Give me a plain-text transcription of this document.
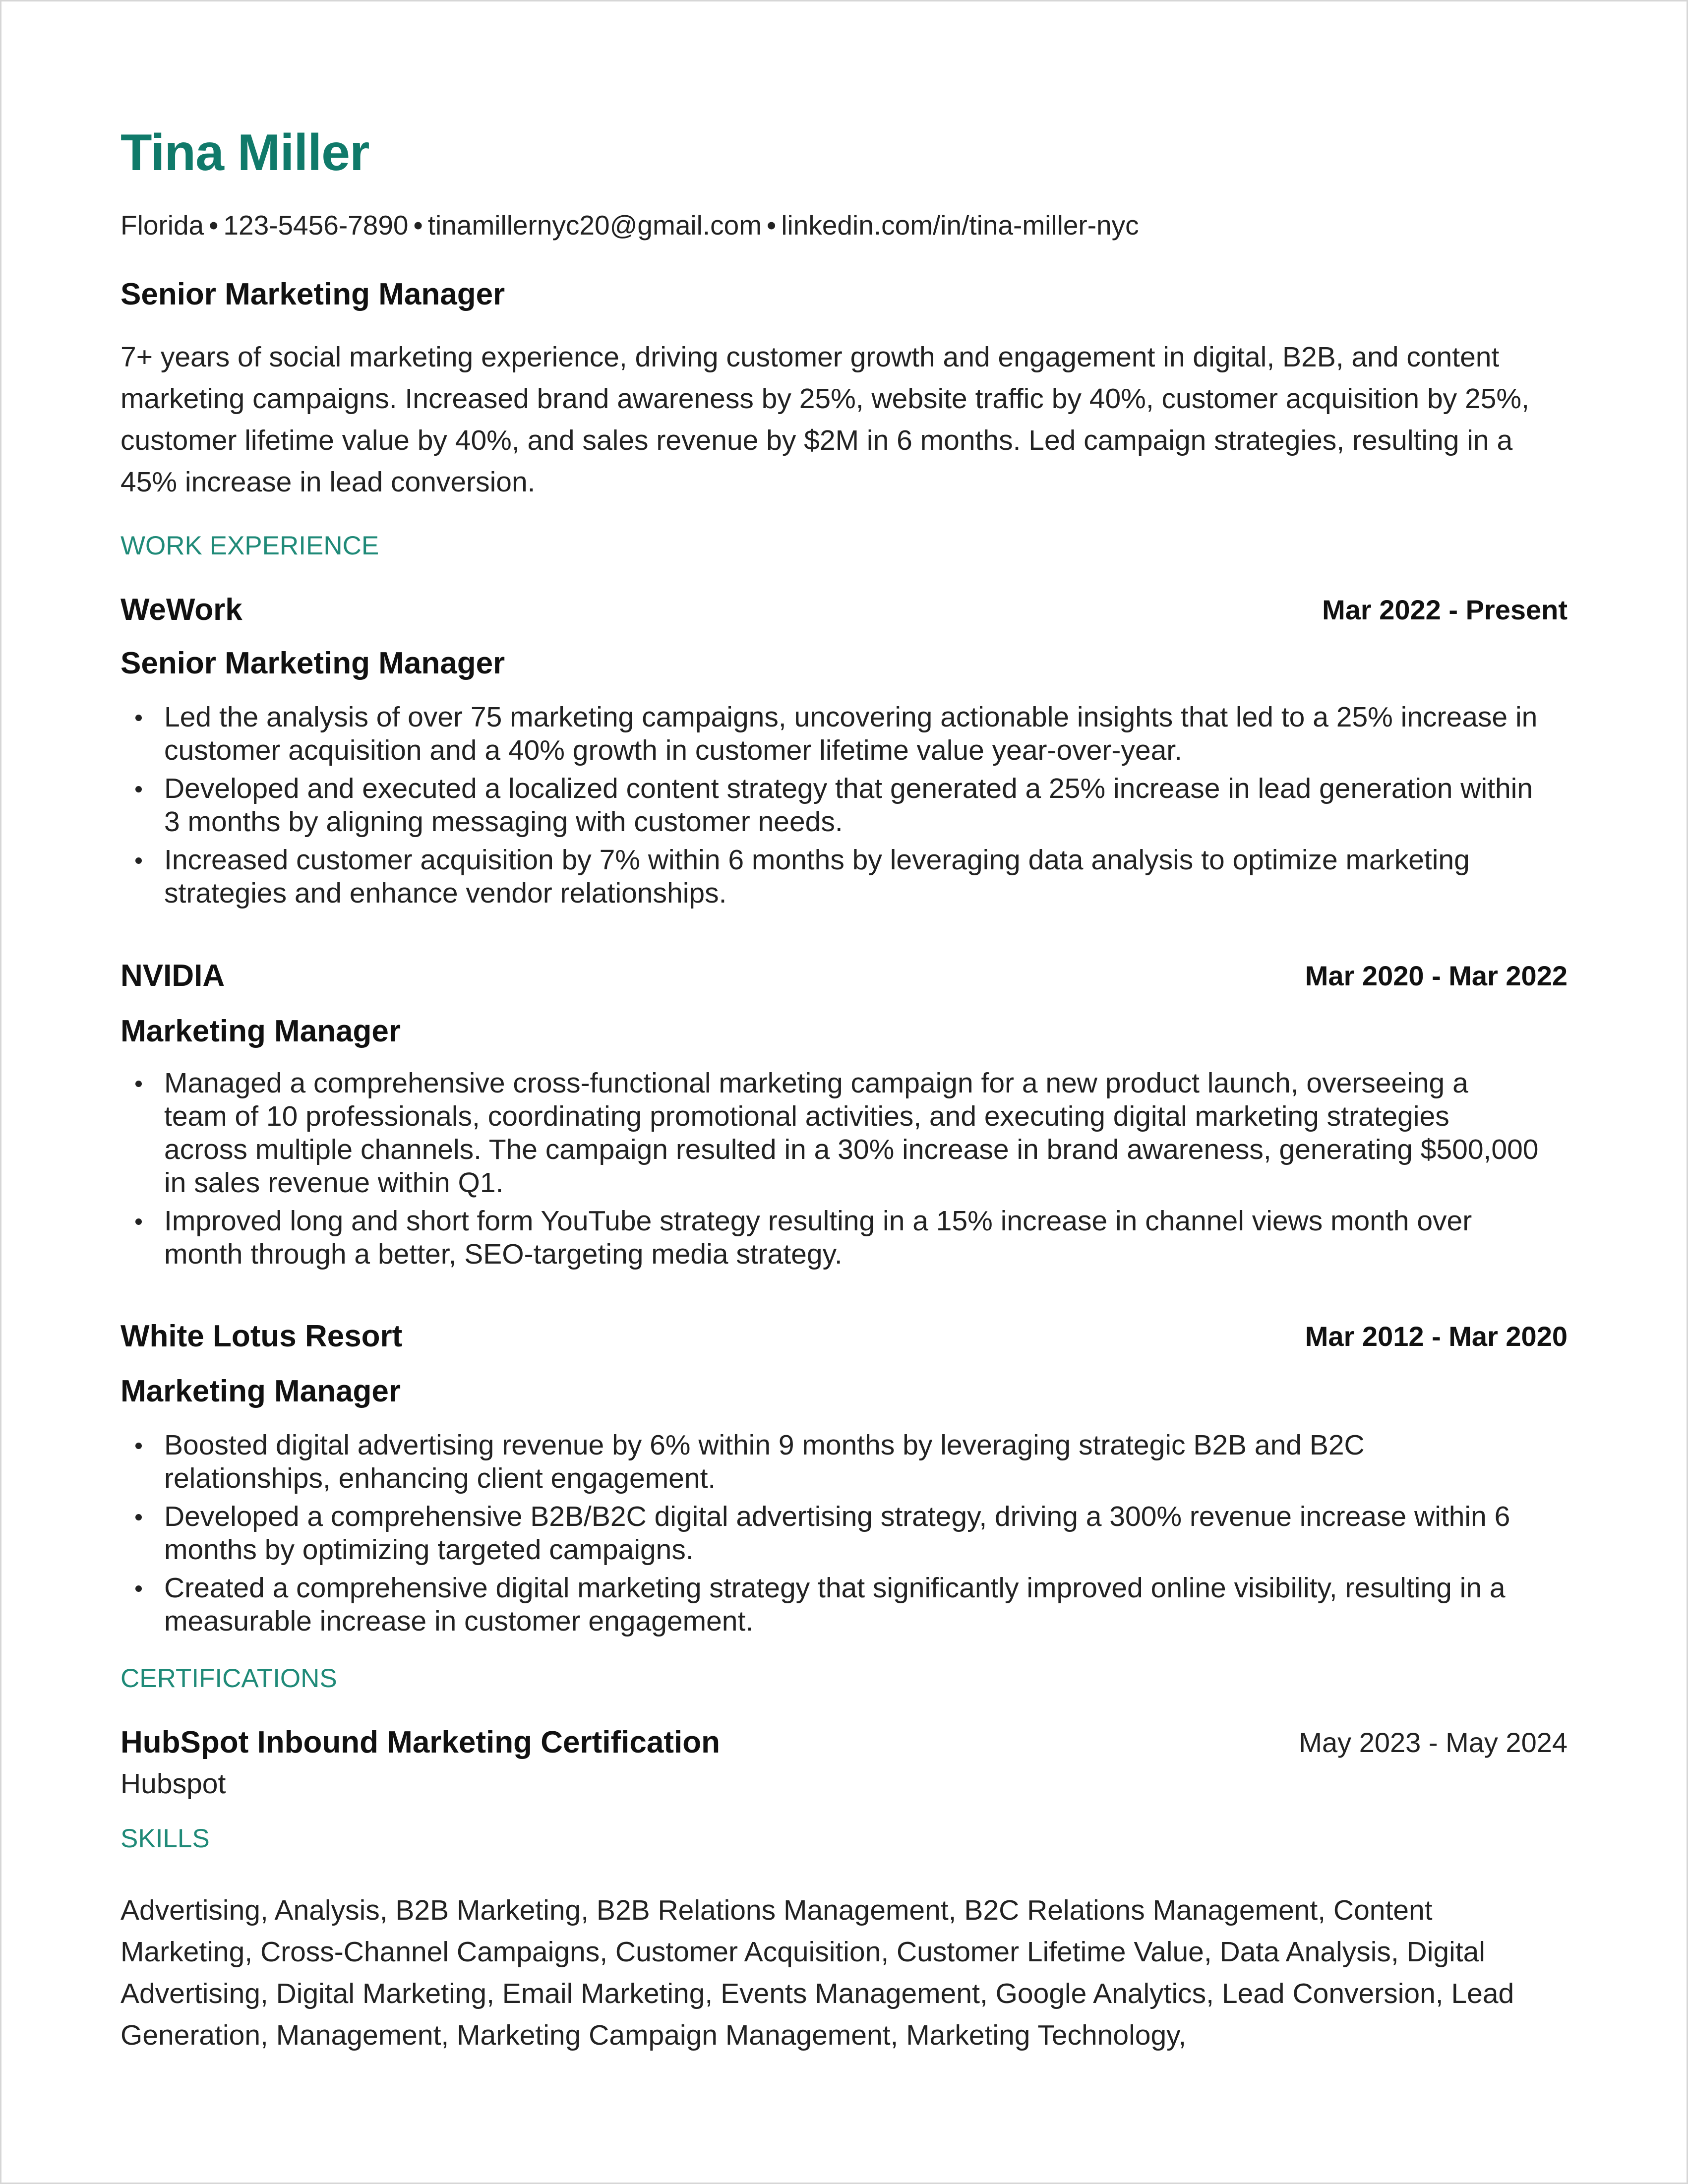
Tina Miller
Florida • 123-5456-7890 • tinamillernyc20@gmail.com • linkedin.com/in/tina-miller-nyc
Senior Marketing Manager

7+ years of social marketing experience, driving customer growth and engagement in digital, B2B, and content marketing campaigns. Increased brand awareness by 25%, website traffic by 40%, customer acquisition by 25%, customer lifetime value by 40%, and sales revenue by $2M in 6 months. Led campaign strategies, resulting in a 45% increase in lead conversion.

WORK EXPERIENCE
WeWork	Mar 2022 - Present
Senior Marketing Manager
Led the analysis of over 75 marketing campaigns, uncovering actionable insights that led to a 25% increase in customer acquisition and a 40% growth in customer lifetime value year-over-year.
Developed and executed a localized content strategy that generated a 25% increase in lead generation within 3 months by aligning messaging with customer needs.
Increased customer acquisition by 7% within 6 months by leveraging data analysis to optimize marketing strategies and enhance vendor relationships.
NVIDIA	Mar 2020 - Mar 2022
Marketing Manager
Managed a comprehensive cross-functional marketing campaign for a new product launch, overseeing a team of 10 professionals, coordinating promotional activities, and executing digital marketing strategies across multiple channels. The campaign resulted in a 30% increase in brand awareness, generating $500,000 in sales revenue within Q1.
Improved long and short form YouTube strategy resulting in a 15% increase in channel views month over month through a better, SEO-targeting media strategy.
White Lotus Resort	Mar 2012 - Mar 2020
Marketing Manager
Boosted digital advertising revenue by 6% within 9 months by leveraging strategic B2B and B2C relationships, enhancing client engagement.
Developed a comprehensive B2B/B2C digital advertising strategy, driving a 300% revenue increase within 6 months by optimizing targeted campaigns.
Created a comprehensive digital marketing strategy that significantly improved online visibility, resulting in a measurable increase in customer engagement.
CERTIFICATIONS
HubSpot Inbound Marketing Certification	May 2023 - May 2024
Hubspot
SKILLS

Advertising, Analysis, B2B Marketing, B2B Relations Management, B2C Relations Management, Content Marketing, Cross-Channel Campaigns, Customer Acquisition, Customer Lifetime Value, Data Analysis, Digital Advertising, Digital Marketing, Email Marketing, Events Management, Google Analytics, Lead Conversion, Lead Generation, Management, Marketing Campaign Management, Marketing Technology,
